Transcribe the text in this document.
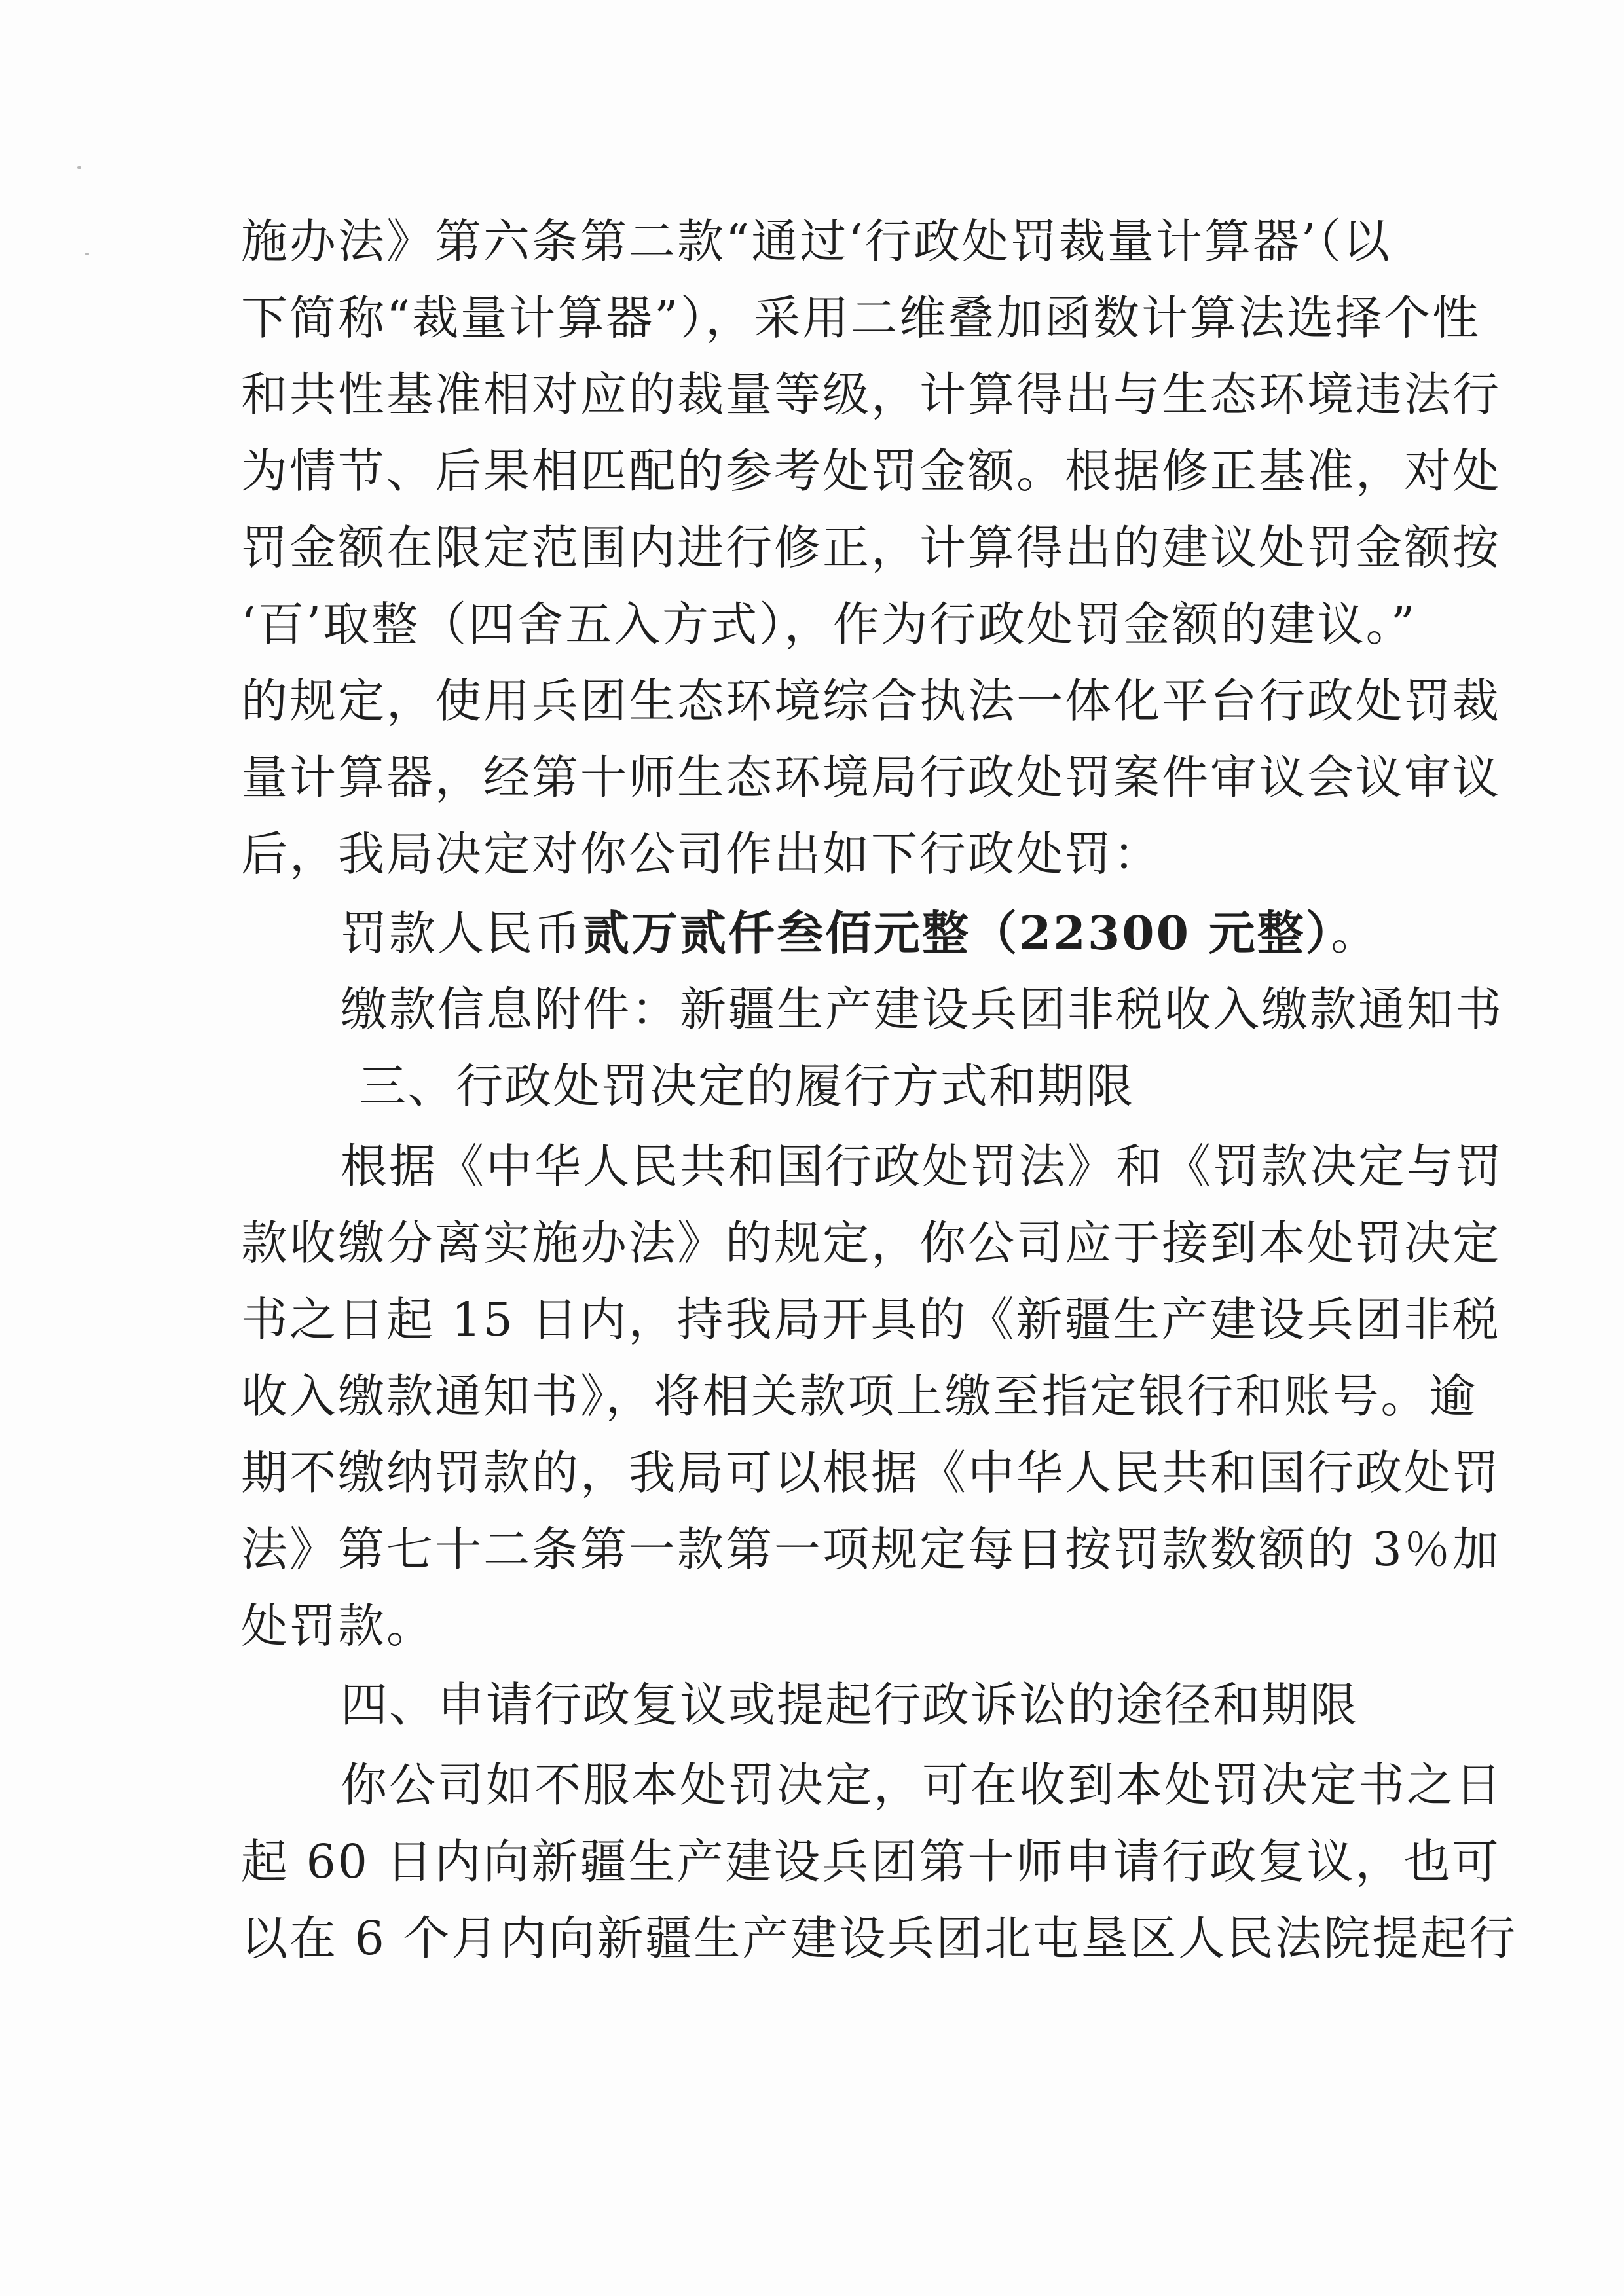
施办法》第六条第二款“通过‘行政处罚裁量计算器’（以
下简称“裁量计算器”），采用二维叠加函数计算法选择个性
和共性基准相对应的裁量等级，计算得出与生态环境违法行
为情节、后果相匹配的参考处罚金额。根据修正基准，对处
罚金额在限定范围内进行修正，计算得出的建议处罚金额按
‘百’取整（四舍五入方式），作为行政处罚金额的建议。”
的规定，使用兵团生态环境综合执法一体化平台行政处罚裁
量计算器，经第十师生态环境局行政处罚案件审议会议审议
后，我局决定对你公司作出如下行政处罚：
罚款人民币贰万贰仟叁佰元整（22300 元整）。
缴款信息附件：新疆生产建设兵团非税收入缴款通知书
三、行政处罚决定的履行方式和期限
根据《中华人民共和国行政处罚法》和《罚款决定与罚
款收缴分离实施办法》的规定，你公司应于接到本处罚决定
书之日起 15 日内，持我局开具的《新疆生产建设兵团非税
收入缴款通知书》，将相关款项上缴至指定银行和账号。逾
期不缴纳罚款的，我局可以根据《中华人民共和国行政处罚
法》第七十二条第一款第一项规定每日按罚款数额的 3％加
处罚款。
四、申请行政复议或提起行政诉讼的途径和期限
你公司如不服本处罚决定，可在收到本处罚决定书之日
起 60 日内向新疆生产建设兵团第十师申请行政复议，也可
以在 6 个月内向新疆生产建设兵团北屯垦区人民法院提起行
